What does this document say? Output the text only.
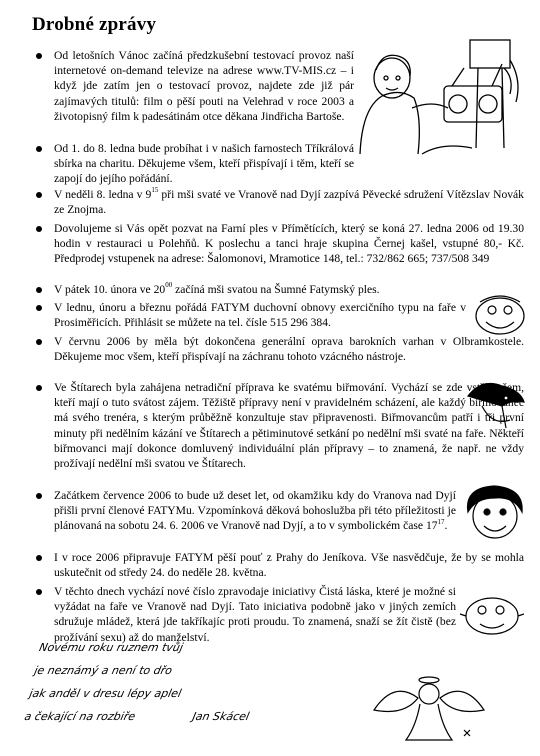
Drobné zprávy
Od letošních Vánoc začíná předzkušební testovací provoz naší internetové on-demand televize na adrese www.TV-MIS.cz – i když jde zatím jen o testovací provoz, najdete zde již pár zajímavých titulů: film o pěší pouti na Velehrad v roce 2003 a životopisný film k padesátinám otce děkana Jindřicha Bartoše.
Od 1. do 8. ledna bude probíhat i v našich farnostech Tříkrálová sbírka na charitu. Děkujeme všem, kteří přispívají i těm, kteří se zapojí do jejího pořádání.
V neděli 8. ledna v $9^{15}$ při mši svaté ve Vranově nad Dyjí zazpívá Pěvecké sdružení Vítězslav Novák ze Znojma.
Dovolujeme si Vás opět pozvat na Farní ples v Přímětících, který se koná 27. ledna 2006 od 19.30 hodin v restauraci u Polehňů. K poslechu a tanci hraje skupina Černej kašel, vstupné 80,- Kč. Předprodej vstupenek na adrese: Šalomonovi, Mramotice 148, tel.: 732/862 665; 737/508 349
V pátek 10. února ve $20^{00}$ začíná mši svatou na Šumné Fatymský ples.
V lednu, únoru a březnu pořádá FATYM duchovní obnovy exercičního typu na faře v Prosiměřicích. Přihlásit se můžete na tel. čísle 515 296 384.
V červnu 2006 by měla být dokončena generální oprava barokních varhan v Olbramkostele. Děkujeme moc všem, kteří přispívají na záchranu tohoto vzácného nástroje.
Ve Štítarech byla zahájena netradiční příprava ke svatému biřmování. Vychází se zde vstříc všem, kteří mají o tuto svátost zájem. Těžiště přípravy není v pravidelném scházení, ale každý biřmovanec má svého trenéra, s kterým průběžně konzultuje stav připravenosti. Biřmovancům patří i tři první minuty při nedělním kázání ve Štítarech a pětiminutové setkání po nedělní mši svaté na faře. Někteří biřmovanci mají dokonce domluvený individuální plán přípravy – to znamená, že např. ne vždy prožívají nedělní mši svatou ve Štítarech.
Začátkem července 2006 to bude už deset let, od okamžiku kdy do Vranova nad Dyjí přišli první členové FATYMu. Vzpomínková děková bohoslužba při této příležitosti je plánovaná na sobotu 24. 6. 2006 ve Vranově nad Dyjí, a to v symbolickém čase $17^{17}$.
I v roce 2006 připravuje FATYM pěší pouť z Prahy do Jeníkova. Vše nasvědčuje, že by se mohla uskutečnit od středy 24. do neděle 28. května.
V těchto dnech vychází nové číslo zpravodaje iniciativy Čistá láska, které je možné si vyžádat na faře ve Vranově nad Dyjí. Tato iniciativa podobně jako v jiných zemích sdružuje mládež, která jde takříkajíc proti proudu. To znamená, snaží se žít čistě (bez prožívání sexu) až do manželství.
Novému roku ruznem tvůj
je neznámý a není to dřo
jak anděl v dresu lépy aplel
a čekající na rozbiře	Jan Skácel
